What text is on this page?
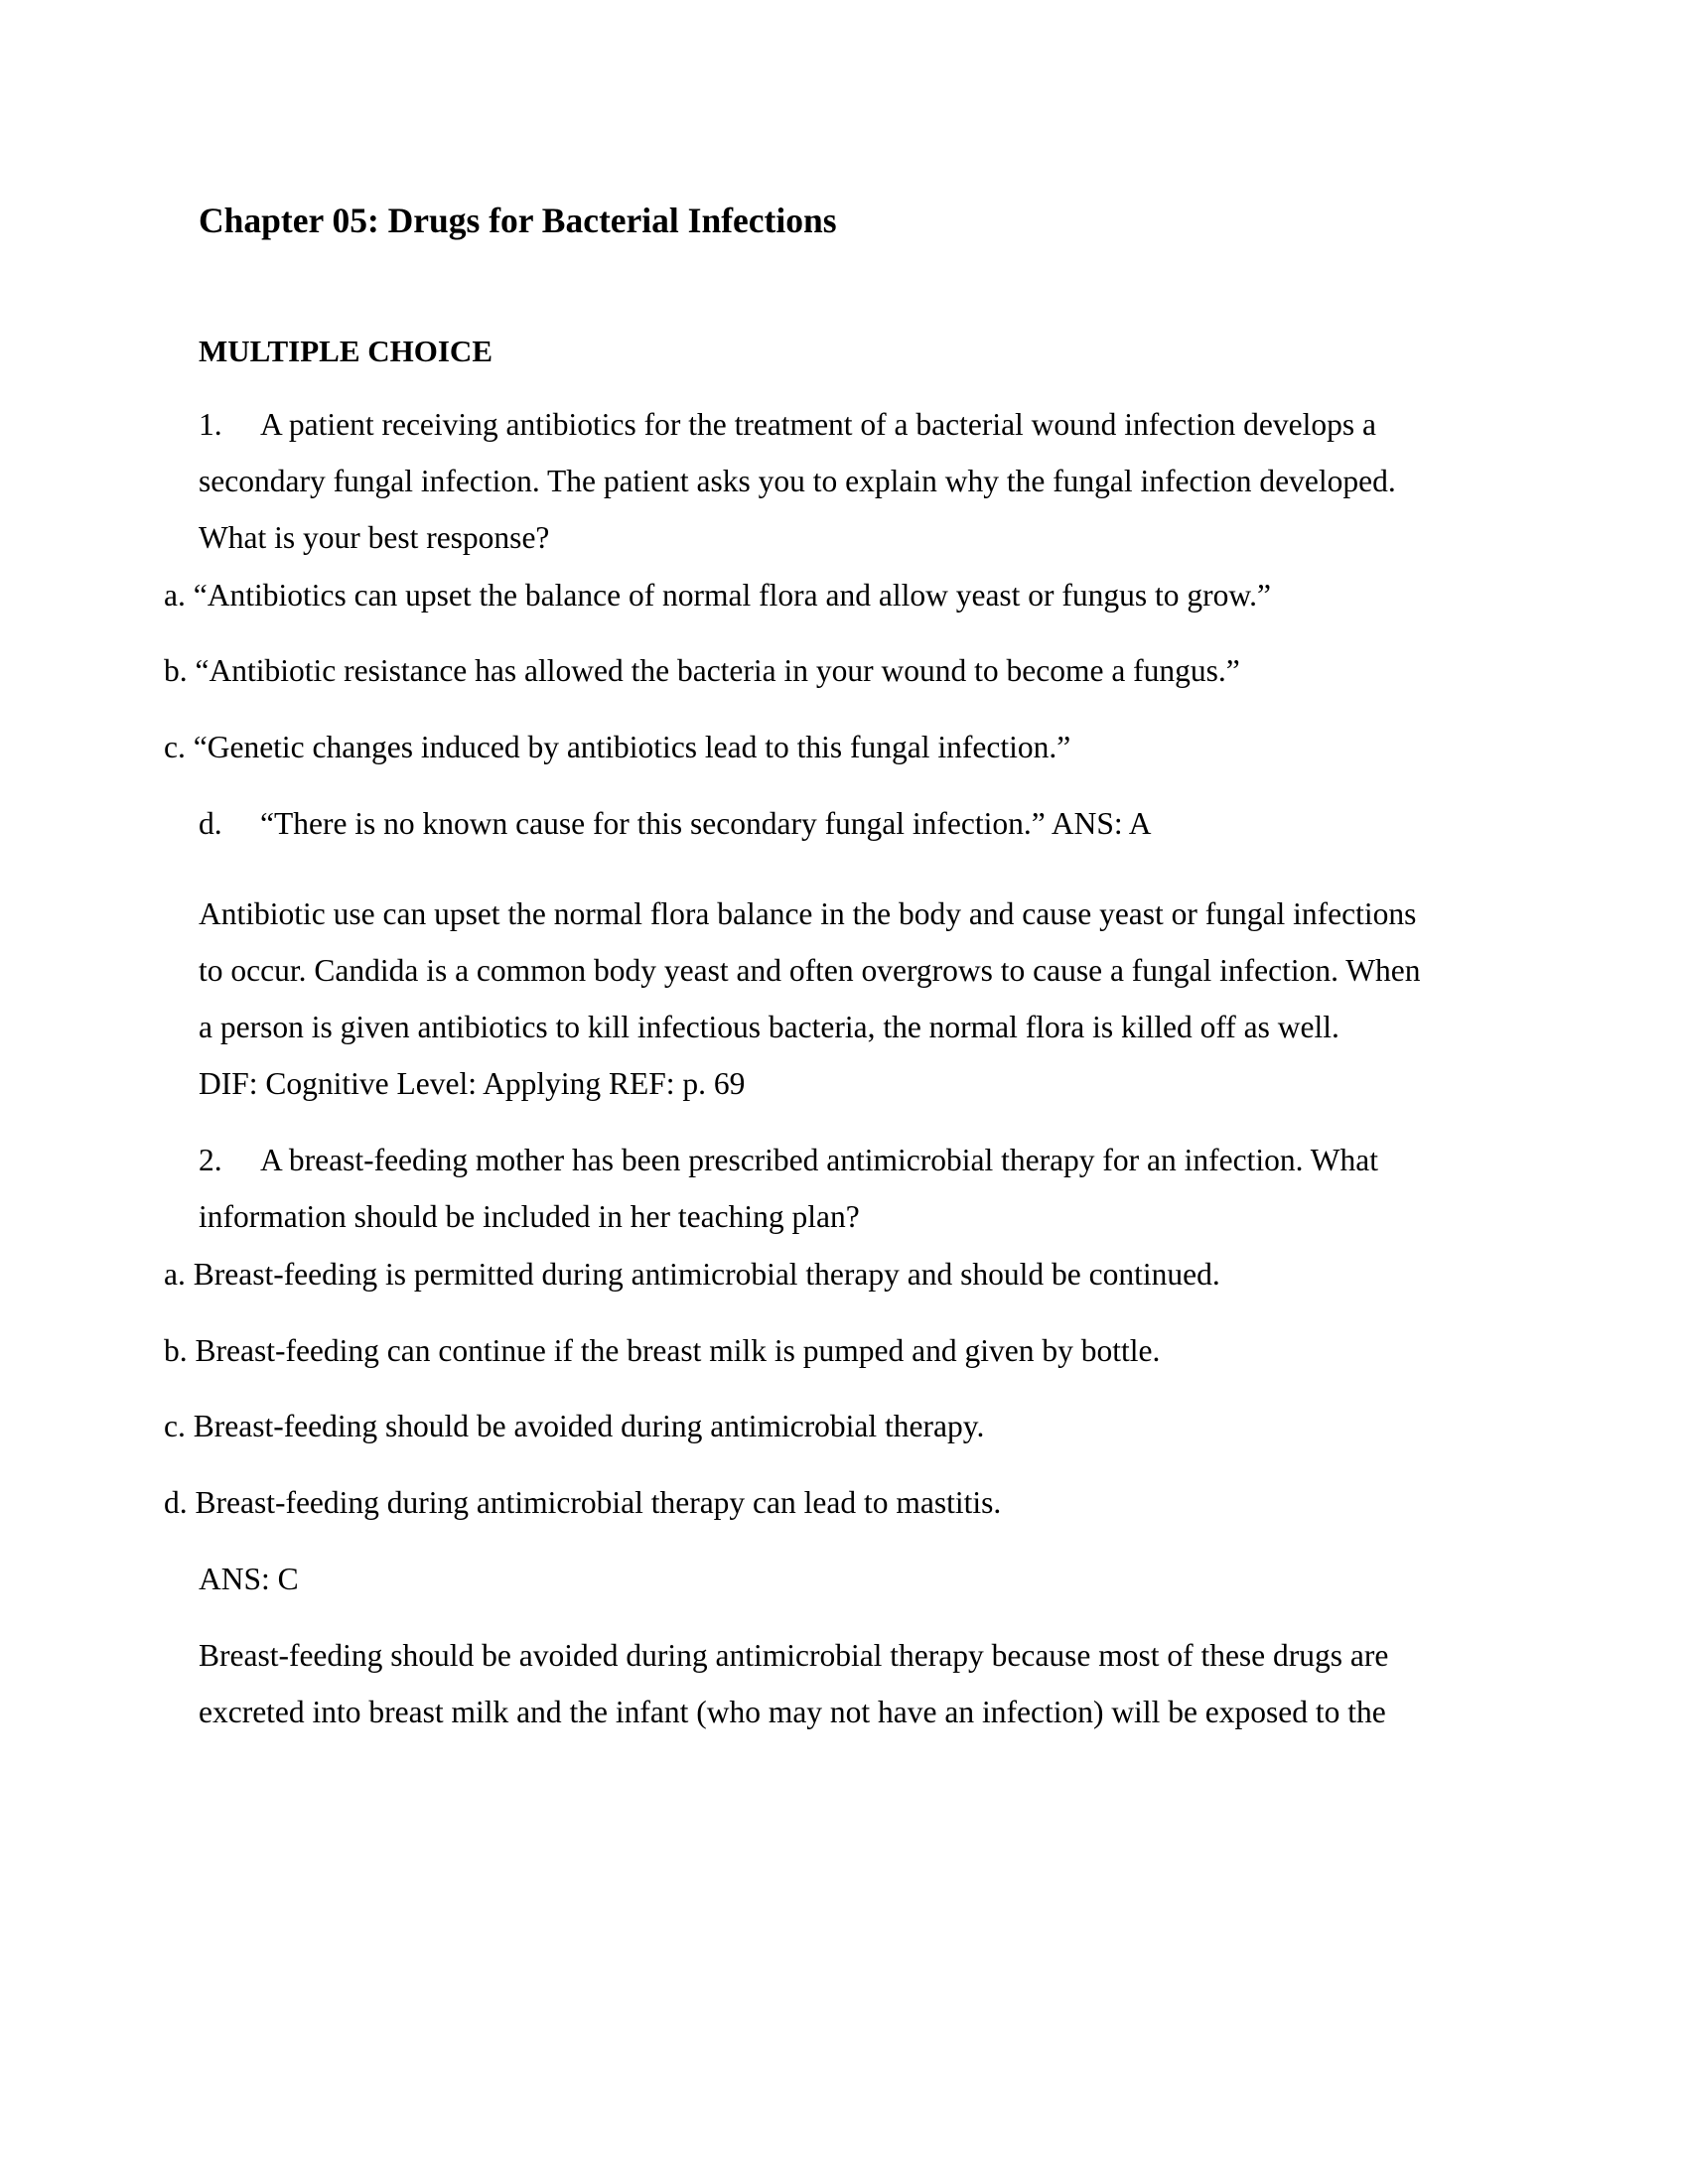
Chapter 05: Drugs for Bacterial Infections
MULTIPLE CHOICE
1. A patient receiving antibiotics for the treatment of a bacterial wound infection develops a
secondary fungal infection. The patient asks you to explain why the fungal infection developed.
What is your best response?
a. “Antibiotics can upset the balance of normal flora and allow yeast or fungus to grow.”
b. “Antibiotic resistance has allowed the bacteria in your wound to become a fungus.”
c. “Genetic changes induced by antibiotics lead to this fungal infection.”
d. “There is no known cause for this secondary fungal infection.” ANS: A
Antibiotic use can upset the normal flora balance in the body and cause yeast or fungal infections
to occur. Candida is a common body yeast and often overgrows to cause a fungal infection. When
a person is given antibiotics to kill infectious bacteria, the normal flora is killed off as well.
DIF: Cognitive Level: Applying REF: p. 69
2. A breast-feeding mother has been prescribed antimicrobial therapy for an infection. What
information should be included in her teaching plan?
a. Breast-feeding is permitted during antimicrobial therapy and should be continued.
b. Breast-feeding can continue if the breast milk is pumped and given by bottle.
c. Breast-feeding should be avoided during antimicrobial therapy.
d. Breast-feeding during antimicrobial therapy can lead to mastitis.
ANS: C
Breast-feeding should be avoided during antimicrobial therapy because most of these drugs are
excreted into breast milk and the infant (who may not have an infection) will be exposed to the
